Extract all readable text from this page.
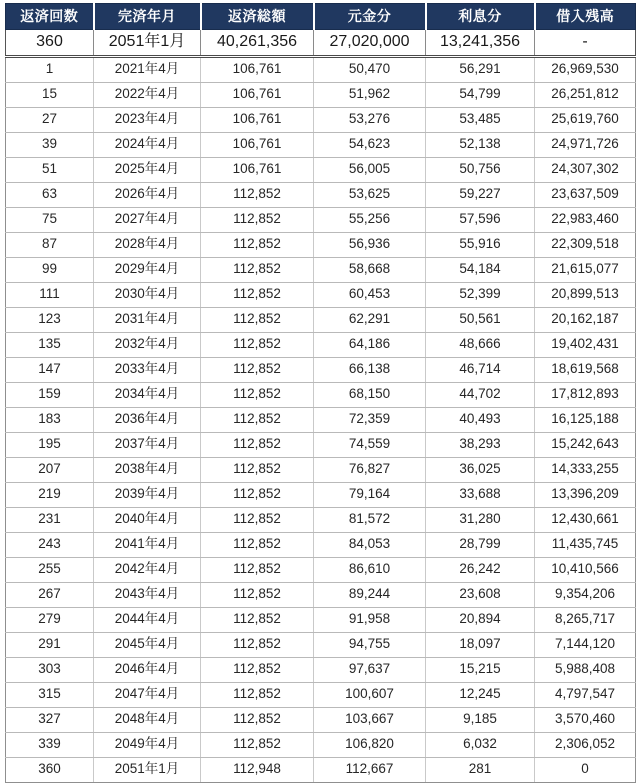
返済回数	完済年月	返済総額	元金分	利息分	借入残高
360	2051年1月	40,261,356	27,020,000	13,241,356	-
1	2021年4月	106,761	50,470	56,291	26,969,530
15	2022年4月	106,761	51,962	54,799	26,251,812
27	2023年4月	106,761	53,276	53,485	25,619,760
39	2024年4月	106,761	54,623	52,138	24,971,726
51	2025年4月	106,761	56,005	50,756	24,307,302
63	2026年4月	112,852	53,625	59,227	23,637,509
75	2027年4月	112,852	55,256	57,596	22,983,460
87	2028年4月	112,852	56,936	55,916	22,309,518
99	2029年4月	112,852	58,668	54,184	21,615,077
111	2030年4月	112,852	60,453	52,399	20,899,513
123	2031年4月	112,852	62,291	50,561	20,162,187
135	2032年4月	112,852	64,186	48,666	19,402,431
147	2033年4月	112,852	66,138	46,714	18,619,568
159	2034年4月	112,852	68,150	44,702	17,812,893
183	2036年4月	112,852	72,359	40,493	16,125,188
195	2037年4月	112,852	74,559	38,293	15,242,643
207	2038年4月	112,852	76,827	36,025	14,333,255
219	2039年4月	112,852	79,164	33,688	13,396,209
231	2040年4月	112,852	81,572	31,280	12,430,661
243	2041年4月	112,852	84,053	28,799	11,435,745
255	2042年4月	112,852	86,610	26,242	10,410,566
267	2043年4月	112,852	89,244	23,608	9,354,206
279	2044年4月	112,852	91,958	20,894	8,265,717
291	2045年4月	112,852	94,755	18,097	7,144,120
303	2046年4月	112,852	97,637	15,215	5,988,408
315	2047年4月	112,852	100,607	12,245	4,797,547
327	2048年4月	112,852	103,667	9,185	3,570,460
339	2049年4月	112,852	106,820	6,032	2,306,052
360	2051年1月	112,948	112,667	281	0
